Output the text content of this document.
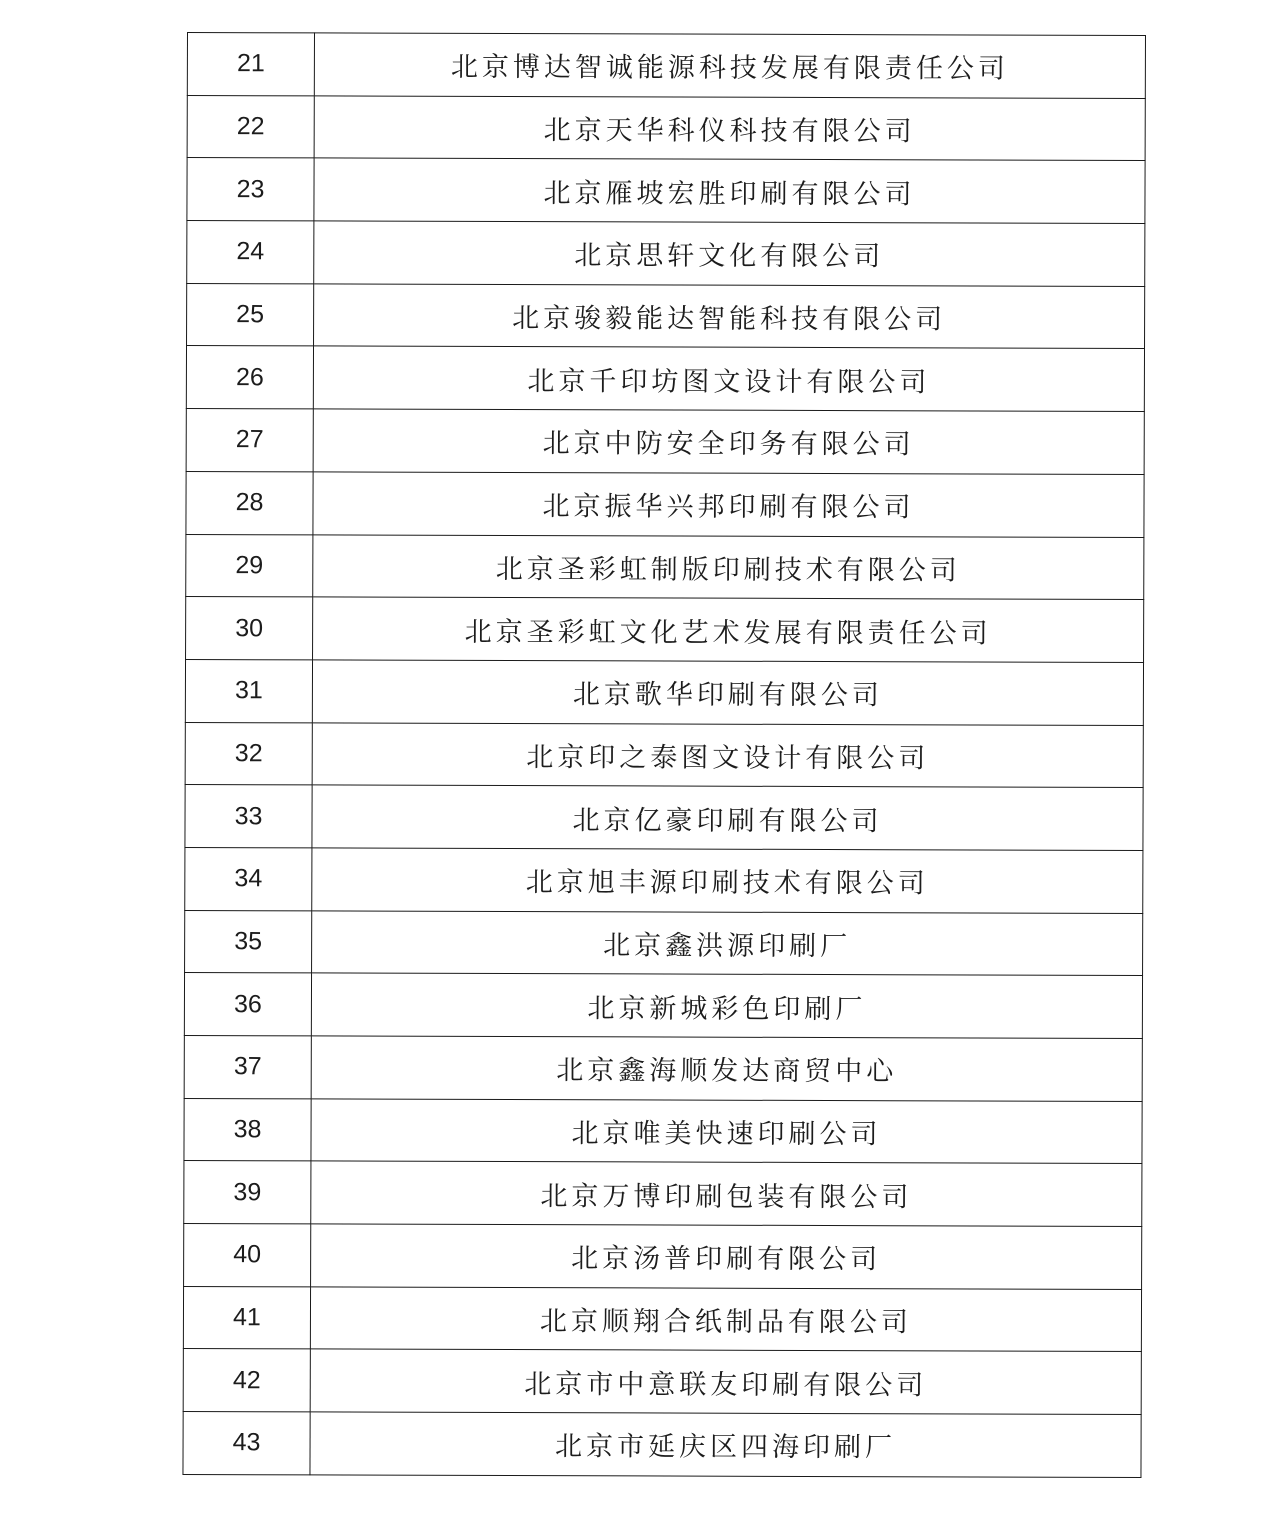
21	北京博达智诚能源科技发展有限责任公司
22	北京天华科仪科技有限公司
23	北京雁坡宏胜印刷有限公司
24	北京思轩文化有限公司
25	北京骏毅能达智能科技有限公司
26	北京千印坊图文设计有限公司
27	北京中防安全印务有限公司
28	北京振华兴邦印刷有限公司
29	北京圣彩虹制版印刷技术有限公司
30	北京圣彩虹文化艺术发展有限责任公司
31	北京歌华印刷有限公司
32	北京印之泰图文设计有限公司
33	北京亿豪印刷有限公司
34	北京旭丰源印刷技术有限公司
35	北京鑫洪源印刷厂
36	北京新城彩色印刷厂
37	北京鑫海顺发达商贸中心
38	北京唯美快速印刷公司
39	北京万博印刷包装有限公司
40	北京汤普印刷有限公司
41	北京顺翔合纸制品有限公司
42	北京市中意联友印刷有限公司
43	北京市延庆区四海印刷厂
